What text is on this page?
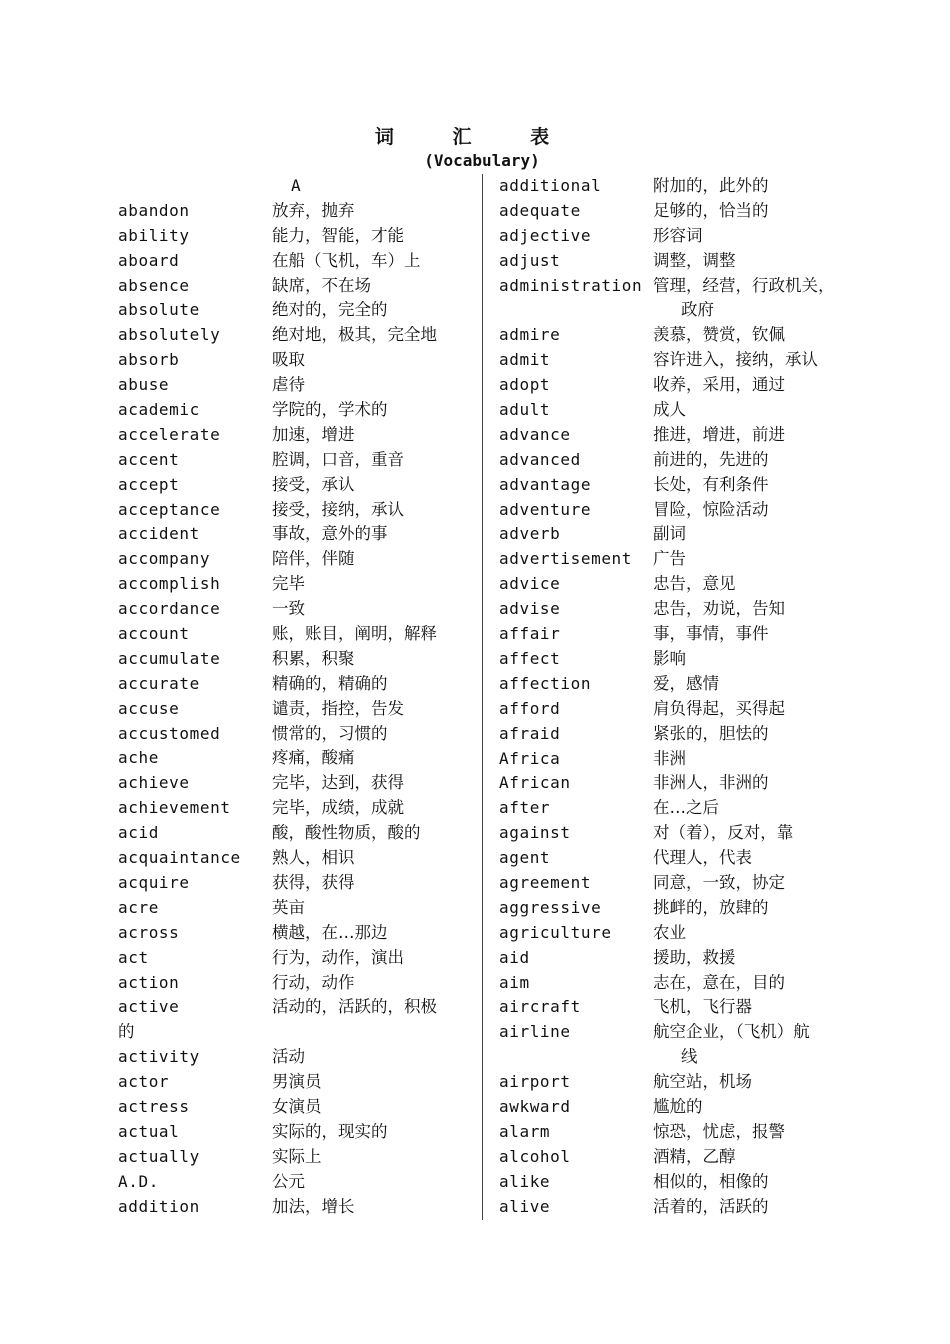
词 汇 表
(Vocabulary)
A
abandon	放弃，抛弃
ability	能力，智能，才能
aboard	在船（飞机，车）上
absence	缺席，不在场
absolute	绝对的，完全的
absolutely	绝对地，极其，完全地
absorb	吸取
abuse	虐待
academic	学院的，学术的
accelerate	加速，增进
accent	腔调，口音，重音
accept	接受，承认
acceptance	接受，接纳，承认
accident	事故，意外的事
accompany	陪伴，伴随
accomplish	完毕
accordance	一致
account	账，账目，阐明，解释
accumulate	积累，积聚
accurate	精确的，精确的
accuse	谴责，指控，告发
accustomed	惯常的，习惯的
ache	疼痛，酸痛
achieve	完毕，达到，获得
achievement	完毕，成绩，成就
acid	酸，酸性物质，酸的
acquaintance	熟人，相识
acquire	获得，获得
acre	英亩
across	横越，在…那边
act	行为，动作，演出
action	行动，动作
active	活动的，活跃的，积极
的
activity	活动
actor	男演员
actress	女演员
actual	实际的，现实的
actually	实际上
A.D.	公元
addition	加法，增长
additional	附加的，此外的
adequate	足够的，恰当的
adjective	形容词
adjust	调整，调整
administration 管理，经营，行政机关，
政府
admire	羡慕，赞赏，钦佩
admit	容许进入，接纳，承认
adopt	收养，采用，通过
adult	成人
advance	推进，增进，前进
advanced	前进的，先进的
advantage	长处，有利条件
adventure	冒险，惊险活动
adverb	副词
advertisement	广告
advice	忠告，意见
advise	忠告，劝说，告知
affair	事，事情，事件
affect	影响
affection	爱，感情
afford	肩负得起，买得起
afraid	紧张的，胆怯的
Africa	非洲
African	非洲人，非洲的
after	在…之后
against	对（着），反对，靠
agent	代理人，代表
agreement	同意，一致，协定
aggressive	挑衅的，放肆的
agriculture	农业
aid	援助，救援
aim	志在，意在，目的
aircraft	飞机，飞行器
airline	航空企业，（飞机）航
线
airport	航空站，机场
awkward	尴尬的
alarm	惊恐，忧虑，报警
alcohol	酒精，乙醇
alike	相似的，相像的
alive	活着的，活跃的
